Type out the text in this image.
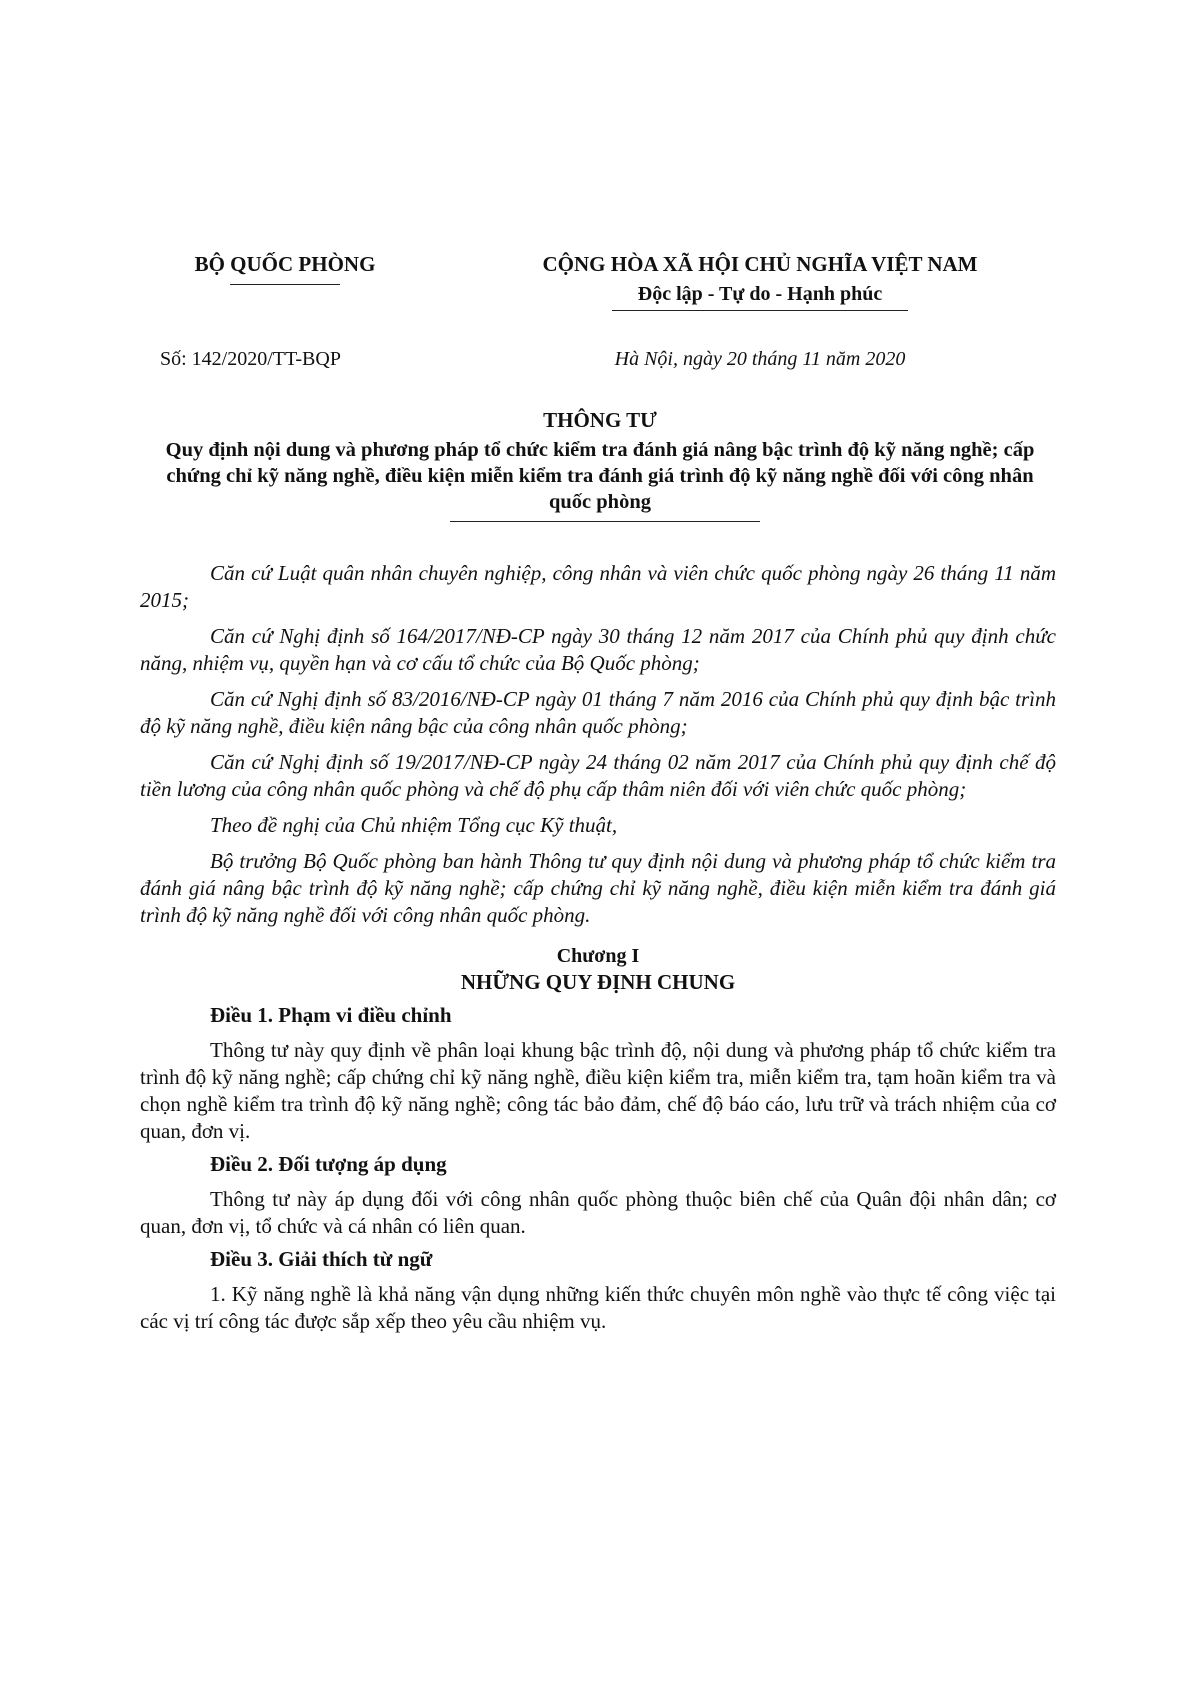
BỘ QUỐC PHÒNG	CỘNG HÒA XÃ HỘI CHỦ NGHĨA VIỆT NAM
Độc lập - Tự do - Hạnh phúc
Số: 142/2020/TT-BQP	Hà Nội, ngày 20 tháng 11 năm 2020
THÔNG TƯ
Quy định nội dung và phương pháp tổ chức kiểm tra đánh giá nâng bậc trình độ kỹ năng nghề; cấp chứng chỉ kỹ năng nghề, điều kiện miễn kiểm tra đánh giá trình độ kỹ năng nghề đối với công nhân quốc phòng

Căn cứ Luật quân nhân chuyên nghiệp, công nhân và viên chức quốc phòng ngày 26 tháng 11 năm 2015;

Căn cứ Nghị định số 164/2017/NĐ-CP ngày 30 tháng 12 năm 2017 của Chính phủ quy định chức năng, nhiệm vụ, quyền hạn và cơ cấu tổ chức của Bộ Quốc phòng;

Căn cứ Nghị định số 83/2016/NĐ-CP ngày 01 tháng 7 năm 2016 của Chính phủ quy định bậc trình độ kỹ năng nghề, điều kiện nâng bậc của công nhân quốc phòng;

Căn cứ Nghị định số 19/2017/NĐ-CP ngày 24 tháng 02 năm 2017 của Chính phủ quy định chế độ tiền lương của công nhân quốc phòng và chế độ phụ cấp thâm niên đối với viên chức quốc phòng;

Theo đề nghị của Chủ nhiệm Tổng cục Kỹ thuật,

Bộ trưởng Bộ Quốc phòng ban hành Thông tư quy định nội dung và phương pháp tổ chức kiểm tra đánh giá nâng bậc trình độ kỹ năng nghề; cấp chứng chỉ kỹ năng nghề, điều kiện miễn kiểm tra đánh giá trình độ kỹ năng nghề đối với công nhân quốc phòng.

Chương I
NHỮNG QUY ĐỊNH CHUNG
Điều 1. Phạm vi điều chỉnh

Thông tư này quy định về phân loại khung bậc trình độ, nội dung và phương pháp tổ chức kiểm tra trình độ kỹ năng nghề; cấp chứng chỉ kỹ năng nghề, điều kiện kiểm tra, miễn kiểm tra, tạm hoãn kiểm tra và chọn nghề kiểm tra trình độ kỹ năng nghề; công tác bảo đảm, chế độ báo cáo, lưu trữ và trách nhiệm của cơ quan, đơn vị.

Điều 2. Đối tượng áp dụng

Thông tư này áp dụng đối với công nhân quốc phòng thuộc biên chế của Quân đội nhân dân; cơ quan, đơn vị, tổ chức và cá nhân có liên quan.

Điều 3. Giải thích từ ngữ

1. Kỹ năng nghề là khả năng vận dụng những kiến thức chuyên môn nghề vào thực tế công việc tại các vị trí công tác được sắp xếp theo yêu cầu nhiệm vụ.
